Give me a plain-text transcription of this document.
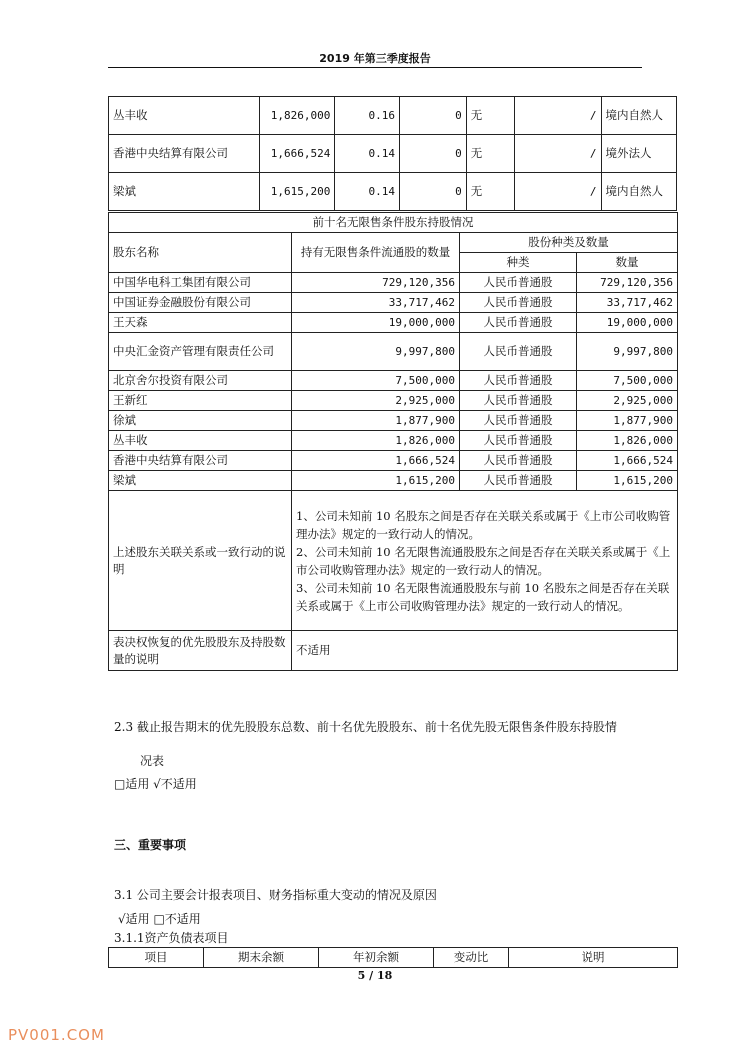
2019 年第三季度报告
丛丰收	1,826,000	0.16	0	无	/	境内自然人
香港中央结算有限公司	1,666,524	0.14	0	无	/	境外法人
梁斌	1,615,200	0.14	0	无	/	境内自然人
前十名无限售条件股东持股情况			
股东名称	持有无限售条件流通股的数量	股份种类及数量	
		种类	数量
中国华电科工集团有限公司	729,120,356	人民币普通股	729,120,356
中国证券金融股份有限公司	33,717,462	人民币普通股	33,717,462
王天森	19,000,000	人民币普通股	19,000,000
中央汇金资产管理有限责任公司	9,997,800	人民币普通股	9,997,800
北京舍尔投资有限公司	7,500,000	人民币普通股	7,500,000
王新红	2,925,000	人民币普通股	2,925,000
徐斌	1,877,900	人民币普通股	1,877,900
丛丰收	1,826,000	人民币普通股	1,826,000
香港中央结算有限公司	1,666,524	人民币普通股	1,666,524
梁斌	1,615,200	人民币普通股	1,615,200
上述股东关联关系或一致行动的说明	1、公司未知前 10 名股东之间是否存在关联关系或属于《上市公司收购管理办法》规定的一致行动人的情况。
2、公司未知前 10 名无限售流通股股东之间是否存在关联关系或属于《上市公司收购管理办法》规定的一致行动人的情况。
3、公司未知前 10 名无限售流通股股东与前 10 名股东之间是否存在关联关系或属于《上市公司收购管理办法》规定的一致行动人的情况。		

表决权恢复的优先股股东及持股数量的说明	不适用		
2.3 截止报告期末的优先股股东总数、前十名优先股股东、前十名优先股无限售条件股东持股情
况表
□适用 √不适用
三、重要事项
3.1 公司主要会计报表项目、财务指标重大变动的情况及原因
√适用 □不适用
3.1.1资产负债表项目
项目	期末余额	年初余额	变动比	说明
5 / 18
PV001.COM
